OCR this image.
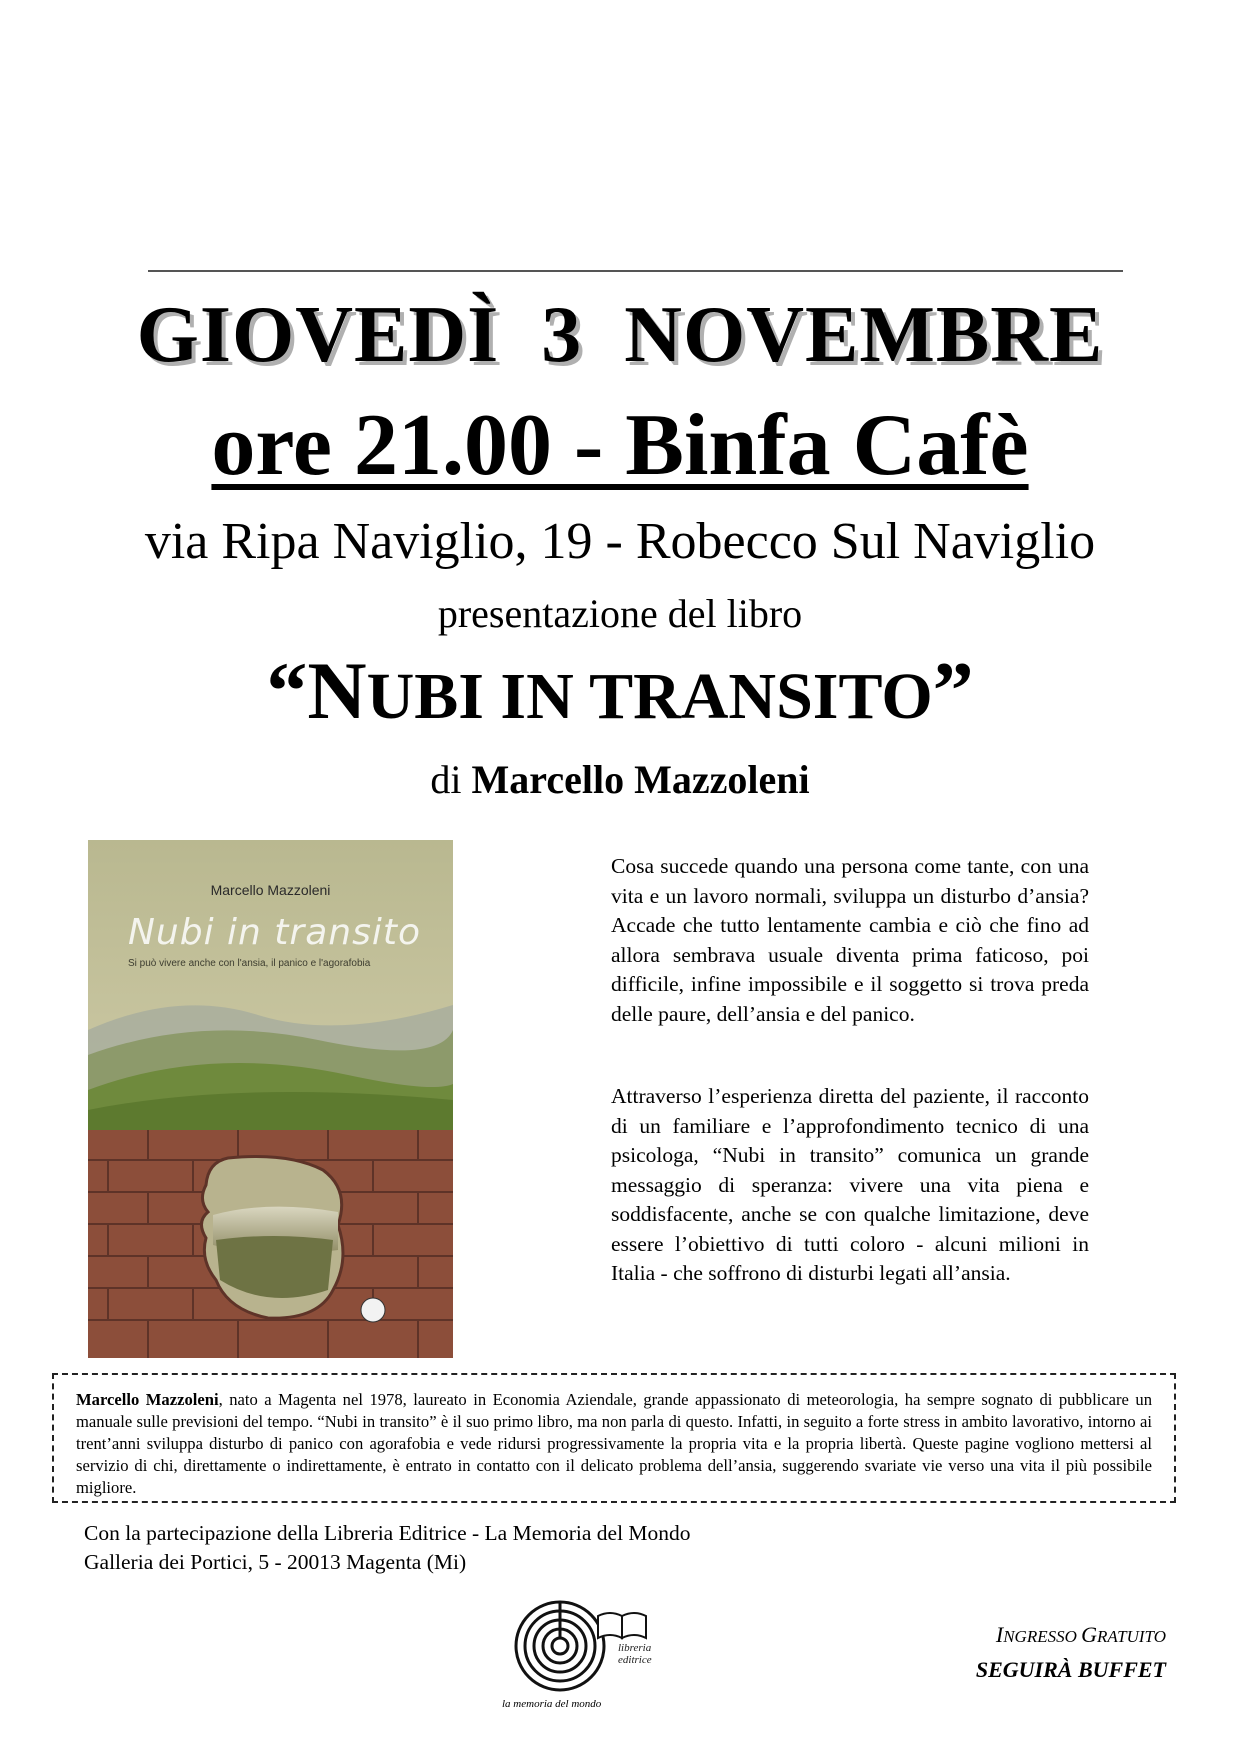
GIOVEDÌ  3  NOVEMBRE
ore 21.00 - Binfa Cafè
via Ripa Naviglio, 19 - Robecco Sul Naviglio
presentazione del libro
“NUBI IN TRANSITO”
di Marcello Mazzoleni
Marcello Mazzoleni
Nubi in transito
Si può vivere anche con l'ansia, il panico e l'agorafobia
Cosa succede quando una persona come tante, con una vita e un lavoro normali, sviluppa un disturbo d’ansia? Accade che tutto lentamente cambia e ciò che fino ad allora sembrava usuale diventa prima faticoso, poi difficile, infine impossibile e il soggetto si trova preda delle paure, dell’ansia e del panico.
Attraverso l’esperienza diretta del paziente, il racconto di un familiare e l’approfondimento tecnico di una psicologa, “Nubi in transito” comunica un grande messaggio di speranza: vivere una vita piena e soddisfacente, anche se con qualche limitazione, deve essere l’obiettivo di tutti coloro - alcuni milioni in Italia - che soffrono di disturbi legati all’ansia.
Marcello Mazzoleni, nato a Magenta nel 1978, laureato in Economia Aziendale, grande appassionato di meteorologia, ha sempre sognato di pubblicare un manuale sulle previsioni del tempo. “Nubi in transito” è il suo primo libro, ma non parla di questo. Infatti, in seguito a forte stress in ambito lavorativo, intorno ai trent’anni sviluppa disturbo di panico con agorafobia e vede ridursi progressivamente la propria vita e la propria libertà. Queste pagine vogliono mettersi al servizio di chi, direttamente o indirettamente, è entrato in contatto con il delicato problema dell’ansia, suggerendo svariate vie verso una vita il più possibile migliore.
Con la partecipazione della Libreria Editrice - La Memoria del Mondo
Galleria dei Portici, 5 - 20013 Magenta (Mi)
la memoria del mondo
libreria
editrice
INGRESSO GRATUITO
SEGUIRÀ BUFFET
